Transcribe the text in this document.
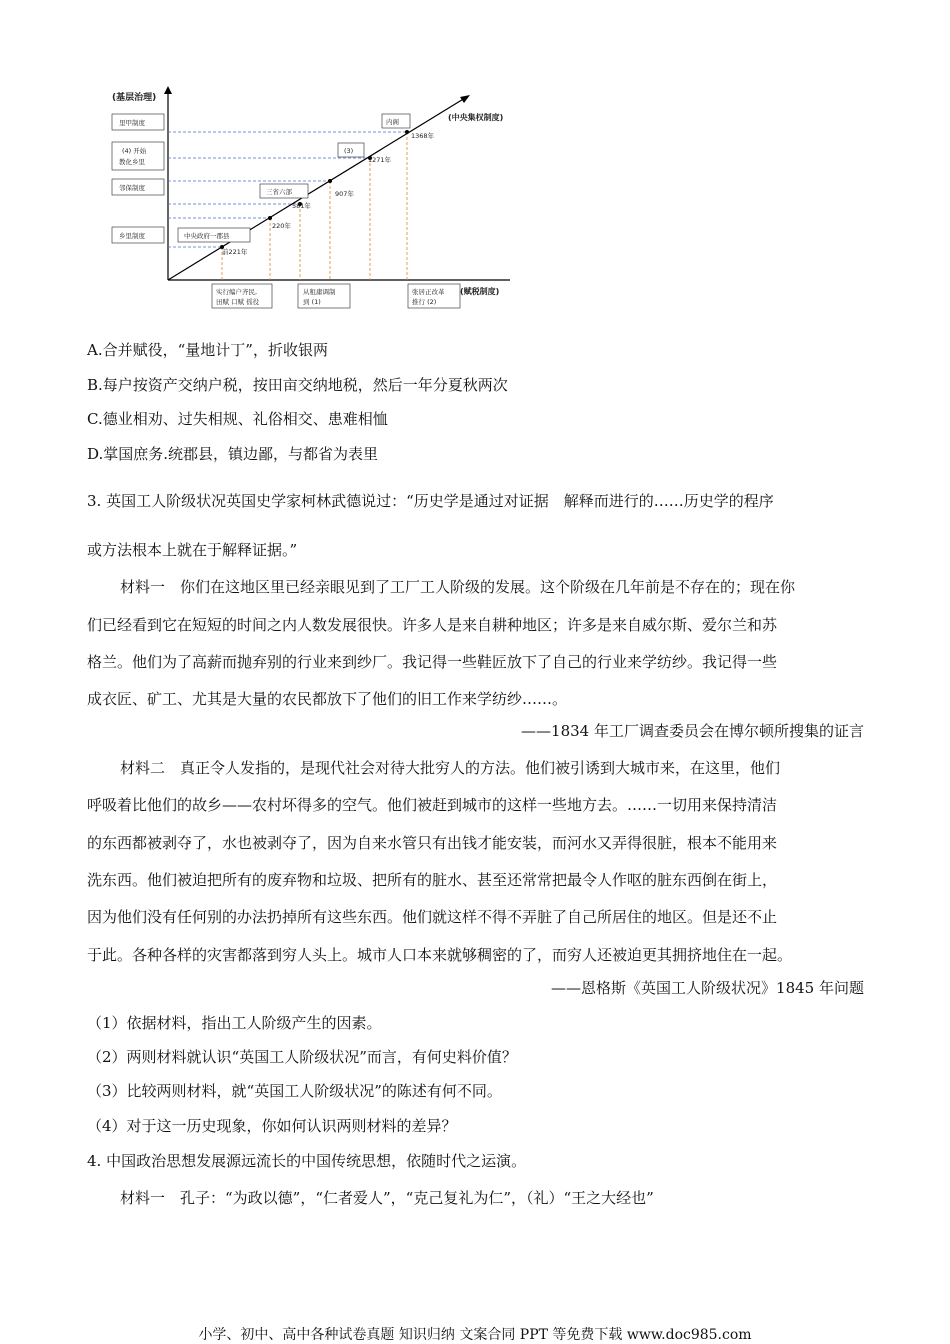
(基层治理)
(中央集权制度)
里甲制度
(4) 开始
教化乡里
邻保制度
乡里制度
前221年
220年
581年
907年
1271年
1368年
中央政府一郡县
三省六部
(3)
内阁
实行编户齐民,
田赋 口赋 徭役
从租庸调制
到 (1)
张居正改革
推行 (2)
(赋税制度)
A.合并赋役，“量地计丁”，折收银两
B.每户按资产交纳户税，按田亩交纳地税，然后一年分夏秋两次
C.德业相劝、过失相规、礼俗相交、患难相恤
D.掌国庶务.统郡县，镇边鄙，与都省为表里
3. 英国工人阶级状况英国史学家柯林武德说过：“历史学是通过对证据　解释而进行的……历史学的程序
或方法根本上就在于解释证据。”
材料一　你们在这地区里已经亲眼见到了工厂工人阶级的发展。这个阶级在几年前是不存在的；现在你
们已经看到它在短短的时间之内人数发展很快。许多人是来自耕种地区；许多是来自威尔斯、爱尔兰和苏
格兰。他们为了高薪而抛弃别的行业来到纱厂。我记得一些鞋匠放下了自己的行业来学纺纱。我记得一些
成衣匠、矿工、尤其是大量的农民都放下了他们的旧工作来学纺纱……。
——1834 年工厂调查委员会在博尔顿所搜集的证言
材料二　真正令人发指的，是现代社会对待大批穷人的方法。他们被引诱到大城市来，在这里，他们
呼吸着比他们的故乡——农村坏得多的空气。他们被赶到城市的这样一些地方去。……一切用来保持清洁
的东西都被剥夺了，水也被剥夺了，因为自来水管只有出钱才能安装，而河水又弄得很脏，根本不能用来
洗东西。他们被迫把所有的废弃物和垃圾、把所有的脏水、甚至还常常把最令人作呕的脏东西倒在街上，
因为他们没有任何别的办法扔掉所有这些东西。他们就这样不得不弄脏了自己所居住的地区。但是还不止
于此。各种各样的灾害都落到穷人头上。城市人口本来就够稠密的了，而穷人还被迫更其拥挤地住在一起。
——恩格斯《英国工人阶级状况》1845 年问题
（1）依据材料，指出工人阶级产生的因素。
（2）两则材料就认识“英国工人阶级状况”而言，有何史料价值？
（3）比较两则材料，就“英国工人阶级状况”的陈述有何不同。
（4）对于这一历史现象，你如何认识两则材料的差异？
4. 中国政治思想发展源远流长的中国传统思想，依随时代之运演。
材料一　孔子：“为政以德”，“仁者爱人”，“克己复礼为仁”，（礼）“王之大经也”
小学、初中、高中各种试卷真题 知识归纳 文案合同 PPT 等免费下载 www.doc985.com
